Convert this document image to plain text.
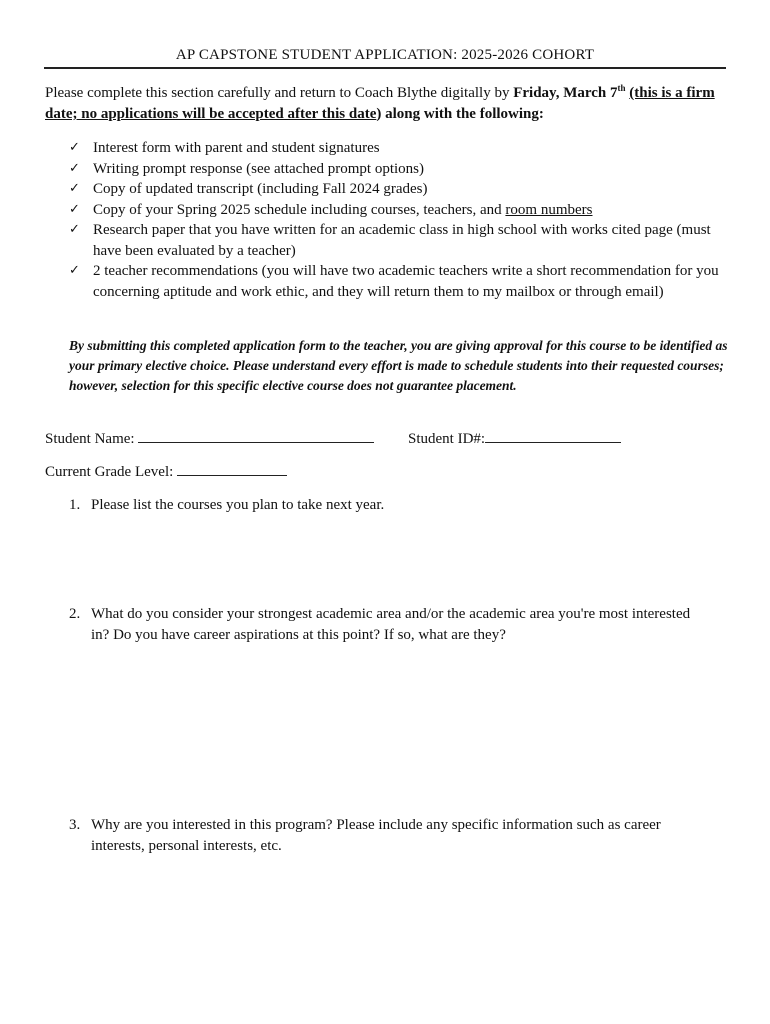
AP CAPSTONE STUDENT APPLICATION: 2025-2026 COHORT
Please complete this section carefully and return to Coach Blythe digitally by Friday, March 7th (this is a firm date; no applications will be accepted after this date) along with the following:
✓ Interest form with parent and student signatures
✓ Writing prompt response (see attached prompt options)
✓ Copy of updated transcript (including Fall 2024 grades)
✓ Copy of your Spring 2025 schedule including courses, teachers, and room numbers
✓ Research paper that you have written for an academic class in high school with works cited page (must have been evaluated by a teacher)
✓ 2 teacher recommendations (you will have two academic teachers write a short recommendation for you concerning aptitude and work ethic, and they will return them to my mailbox or through email)
By submitting this completed application form to the teacher, you are giving approval for this course to be identified as your primary elective choice. Please understand every effort is made to schedule students into their requested courses; however, selection for this specific elective course does not guarantee placement.
Student Name:	Student ID#:
Current Grade Level:
1. Please list the courses you plan to take next year.
2. What do you consider your strongest academic area and/or the academic area you're most interested in? Do you have career aspirations at this point? If so, what are they?
3. Why are you interested in this program? Please include any specific information such as career interests, personal interests, etc.
